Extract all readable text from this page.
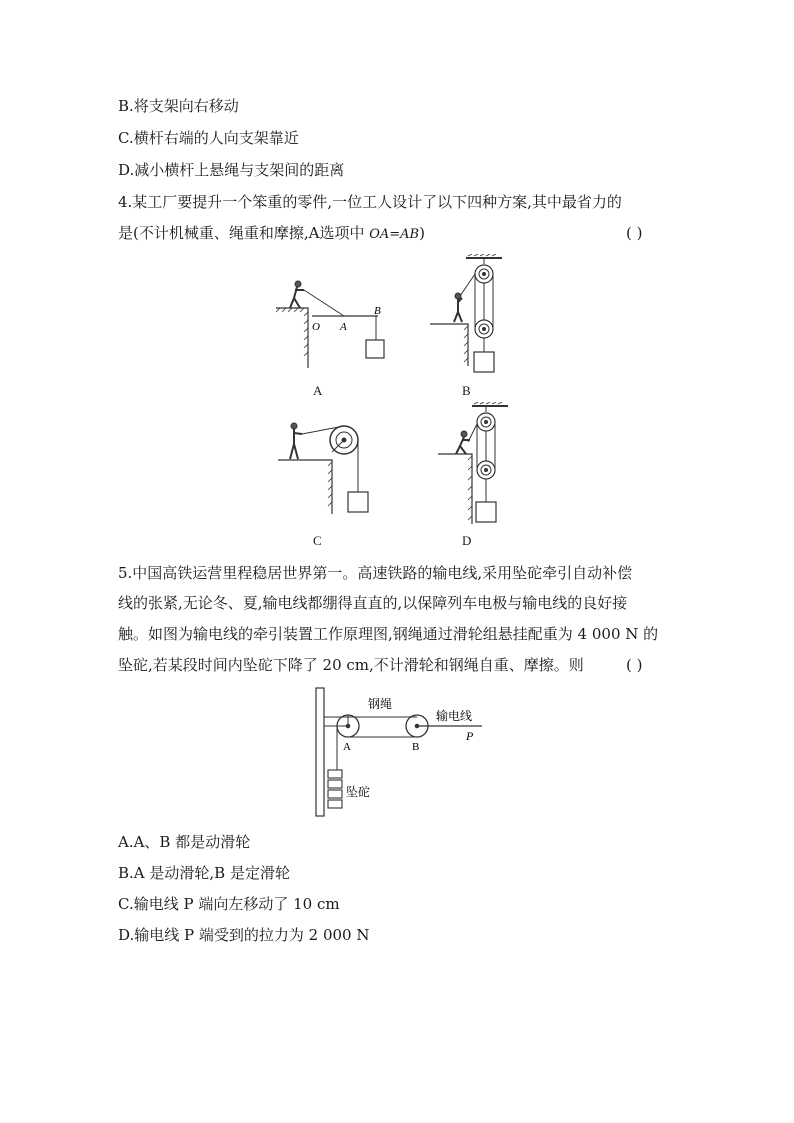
B.将支架向右移动
C.横杆右端的人向支架靠近
D.减小横杆上悬绳与支架间的距离
4.某工厂要提升一个笨重的零件,一位工人设计了以下四种方案,其中最省力的
是(不计机械重、绳重和摩擦,A选项中 OA=AB)	( )
O A
B
A	B
C	D
5.中国高铁运营里程稳居世界第一。高速铁路的输电线,采用坠砣牵引自动补偿
线的张紧,无论冬、夏,输电线都绷得直直的,以保障列车电极与输电线的良好接
触。如图为输电线的牵引装置工作原理图,钢绳通过滑轮组悬挂配重为 4 000 N 的
坠砣,若某段时间内坠砣下降了 20 cm,不计滑轮和钢绳自重、摩擦。则	( )
钢绳
输电线
P
A	B
坠砣
A.A、B 都是动滑轮
B.A 是动滑轮,B 是定滑轮
C.输电线 P 端向左移动了 10 cm
D.输电线 P 端受到的拉力为 2 000 N
